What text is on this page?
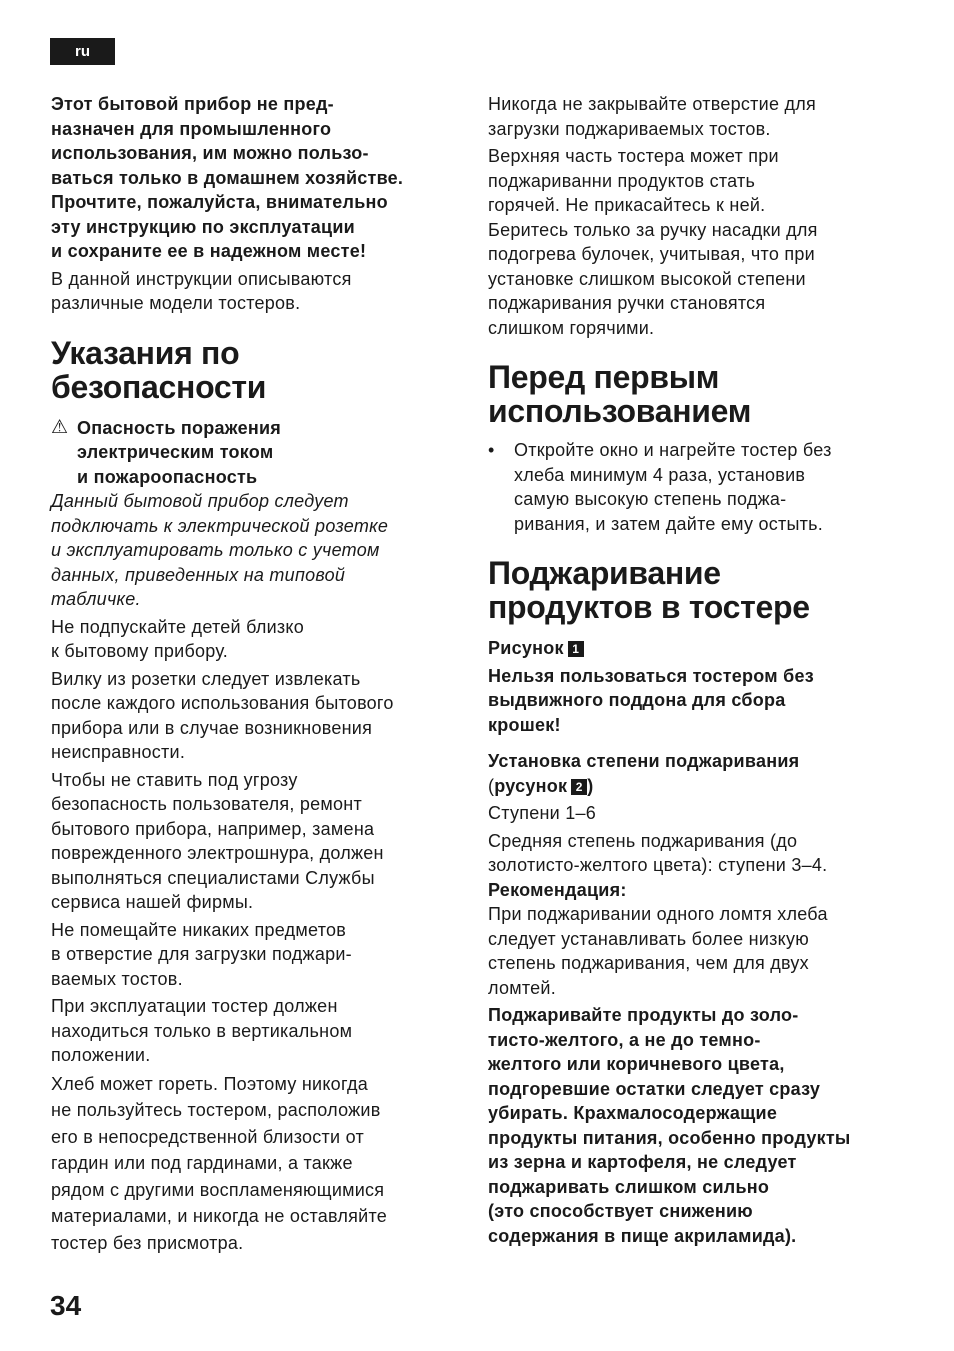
ru

Этот бытовой прибор не пред-
назначен для промышленного
использования, им можно пользо-
ваться только в домашнем хозяйстве.
Прочтите, пожалуйста, внимательно
эту инструкцию по эксплуатации
и сохраните ее в надежном месте!

В данной инструкции описываются
различные модели тостеров.

Указания по
безопасности
⚠ Опасность поражения
электрическим током
и пожароопасность

Данный бытовой прибор следует
подключать к электрической розетке
и эксплуатировать только с учетом
данных, приведенных на типовой
табличке.

Не подпускайте детей близко
к бытовому прибору.

Вилку из розетки следует извлекать
после каждого использования бытового
прибора или в случае возникновения
неисправности.

Чтобы не ставить под угрозу
безопасность пользователя, ремонт
бытового прибора, например, замена
поврежденного электрошнура, должен
выполняться специалистами Службы
сервиса нашей фирмы.

Не помещайте никаких предметов
в отверстие для загрузки поджари-
ваемых тостов.

При эксплуатации тостер должен
находиться только в вертикальном
положении.

Хлеб может гореть. Поэтому никогда
не пользуйтесь тостером, расположив
его в непосредственной близости от
гардин или под гардинами, а также
рядом с другими воспламеняющимися
материалами, и никогда не оставляйте
тостер без присмотра.

Никогда не закрывайте отверстие для
загрузки поджариваемых тостов.

Верхняя часть тостера может при
поджариванни продуктов стать
горячей. Не прикасайтесь к ней.
Беритесь только за ручку насадки для
подогрева булочек, учитывая, что при
установке слишком высокой степени
поджаривания ручки становятся
слишком горячими.

Перед первым
использованием
•	Откройте окно и нагрейте тостер без
хлеба минимум 4 раза, установив
самую высокую степень поджа-
ривания, и затем дайте ему остыть.
Поджаривание
продуктов в тостере

Рисунок 1

Нельзя пользоваться тостером без
выдвижного поддона для сбора
крошек!

Установка степени поджаривания
(русунок 2 )

Ступени 1–6

Средняя степень поджаривания (до
золотисто-желтого цвета): ступени 3–4.

Рекомендация:

При поджаривании одного ломтя хлеба
следует устанавливать более низкую
степень поджаривания, чем для двух
ломтей.

Поджаривайте продукты до золо-
тисто-желтого, а не до темно-
желтого или коричневого цвета,
подгоревшие остатки следует сразу
убирать. Крахмалосодержащие
продукты питания, особенно продукты
из зерна и картофеля, не следует
поджаривать слишком сильно
(это способствует снижению
содержания в пище акриламида).

34
